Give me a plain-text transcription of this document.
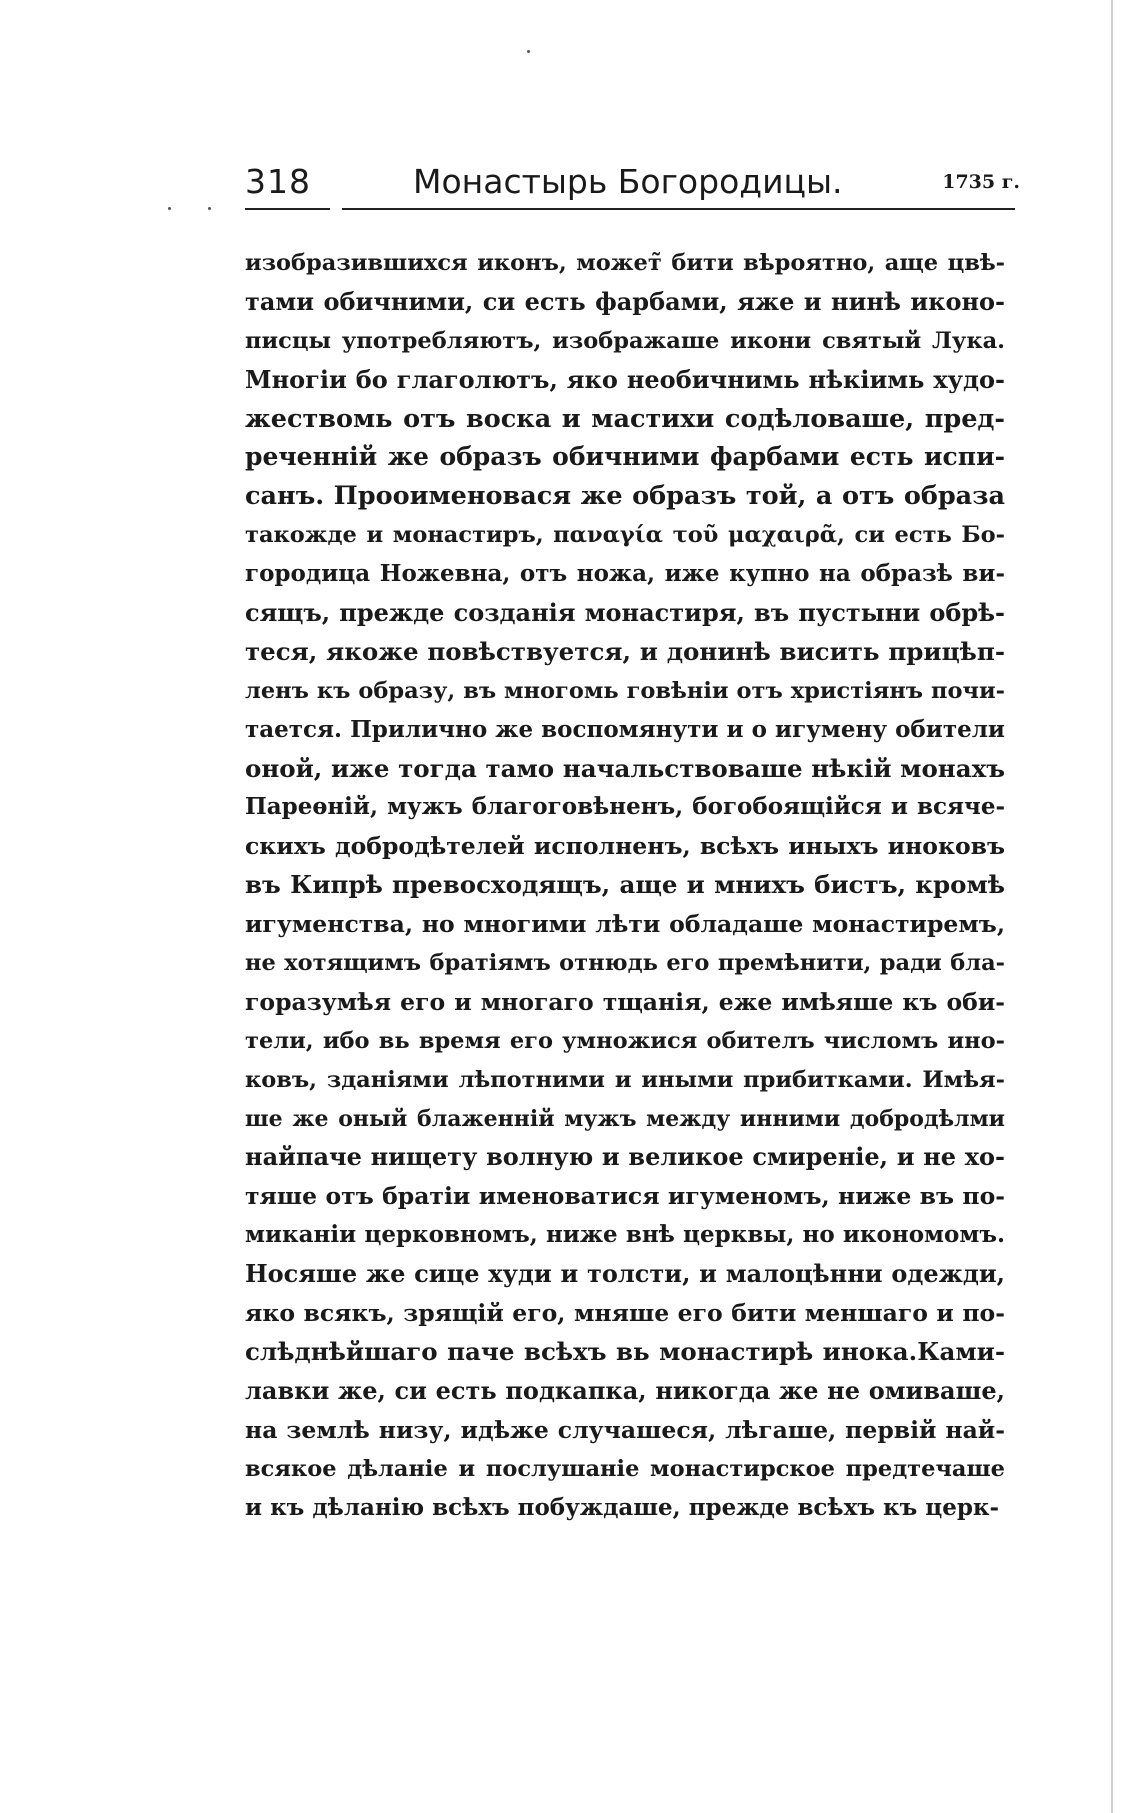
318	Монастырь Богородицы.	1735 г.
изобразившихся иконъ, может̃ бити вѣроятно, аще цвѣ-
тами обичними, си есть фарбами, яже и нинѣ иконо-
писцы употребляютъ, изображаше икони святый Лука.
Многіи бо глаголютъ, яко необичнимь нѣкіимь худо-
жествомь отъ воска и мастихи содѣловаше, пред-
реченній же образъ обичними фарбами есть испи-
санъ. Прооименовася же образъ той, а отъ образа
такожде и монастиръ, παναγία τοῦ μαχαιρᾶ, си есть Бо-
городица Ножевна, отъ ножа, иже купно на образѣ ви-
сящъ, прежде созданія монастиря, въ пустыни обрѣ-
теся, якоже повѣствуется, и донинѣ висить прицѣп-
ленъ къ образу, въ многомь говѣніи отъ христіянъ почи-
тается. Прилично же воспомянути и о игумену обители
оной, иже тогда тамо начальствоваше нѣкій монахъ
Пареѳній, мужъ благоговѣненъ, богобоящійся и всяче-
скихъ добродѣтелей исполненъ, всѣхъ иныхъ иноковъ
въ Кипрѣ превосходящъ, аще и мнихъ бистъ, кромѣ
игуменства, но многими лѣти обладаше монастиремъ,
не хотящимъ братіямъ отнюдь его премѣнити, ради бла-
горазумѣя его и многаго тщанія, еже имѣяше къ оби-
тели, ибо вь время его умножися обителъ числомъ ино-
ковъ, зданіями лѣпотними и иными прибитками. Имѣя-
ше же оный блаженній мужъ между инними добродѣлми
найпаче нищету волную и великое смиреніе, и не хо-
тяше отъ братіи именоватися игуменомъ, ниже въ по-
миканіи церковномъ, ниже внѣ церквы, но икономомъ.
Носяше же сице худи и толсти, и малоцѣнни одежди,
яко всякъ, зрящій его, мняше его бити меншаго и по-
слѣднѣйшаго паче всѣхъ вь монастирѣ инока.Ками-
лавки же, си есть подкапка, никогда же не омиваше,
на землѣ низу, идѣже случашеся, лѣгаше, первій най-
всякое дѣланіе и послушаніе монастирское предтечаше
и къ дѣланію всѣхъ побуждаше, прежде всѣхъ къ церк-
